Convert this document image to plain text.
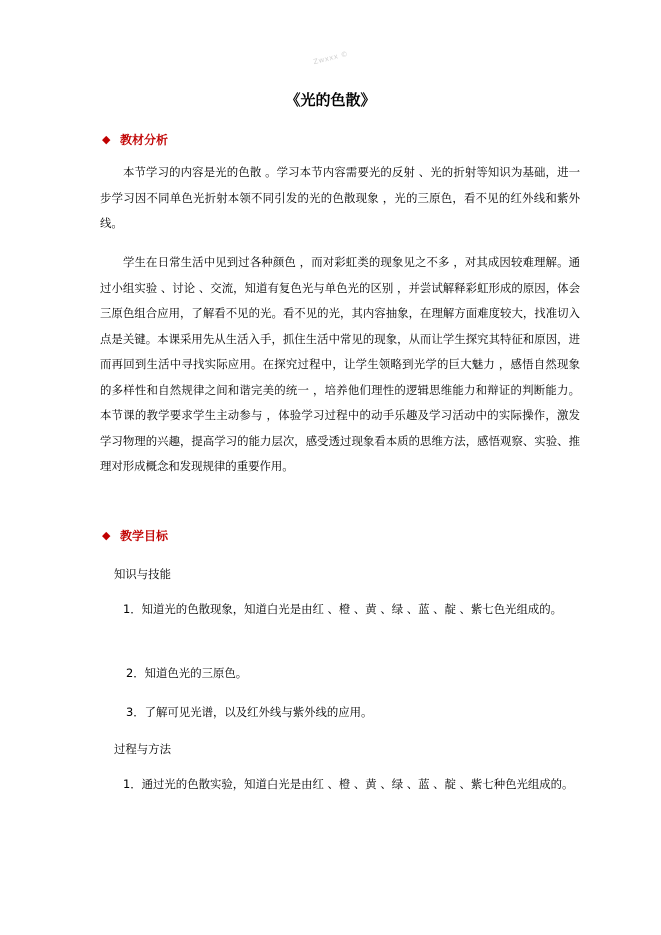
Zwxxx ©
《光的色散》
◆ 教材分析

本节学习的内容是光的色散 。学习本节内容需要光的反射 、光的折射等知识为基础，进一步学习因不同单色光折射本领不同引发的光的色散现象 ，光的三原色，看不见的红外线和紫外线。

学生在日常生活中见到过各种颜色 ，而对彩虹类的现象见之不多 ，对其成因较难理解。通过小组实验 、讨论 、交流，知道有复色光与单色光的区别 ，并尝试解释彩虹形成的原因，体会三原色组合应用，了解看不见的光。看不见的光，其内容抽象，在理解方面难度较大，找准切入点是关键。本课采用先从生活入手，抓住生活中常见的现象，从而让学生探究其特征和原因，进而再回到生活中寻找实际应用。在探究过程中，让学生领略到光学的巨大魅力 ，感悟自然现象的多样性和自然规律之间和谐完美的统一 ，培养他们理性的逻辑思维能力和辩证的判断能力。本节课的教学要求学生主动参与 ，体验学习过程中的动手乐趣及学习活动中的实际操作，激发学习物理的兴趣，提高学习的能力层次，感受透过现象看本质的思维方法，感悟观察、实验、推理对形成概念和发现规律的重要作用。

◆ 教学目标
知识与技能

1．知道光的色散现象，知道白光是由红 、橙 、黄 、绿 、蓝 、靛 、紫七色光组成的。

2．知道色光的三原色。
3．了解可见光谱，以及红外线与紫外线的应用。
过程与方法

1．通过光的色散实验，知道白光是由红 、橙 、黄 、绿 、蓝 、靛 、紫七种色光组成的。
